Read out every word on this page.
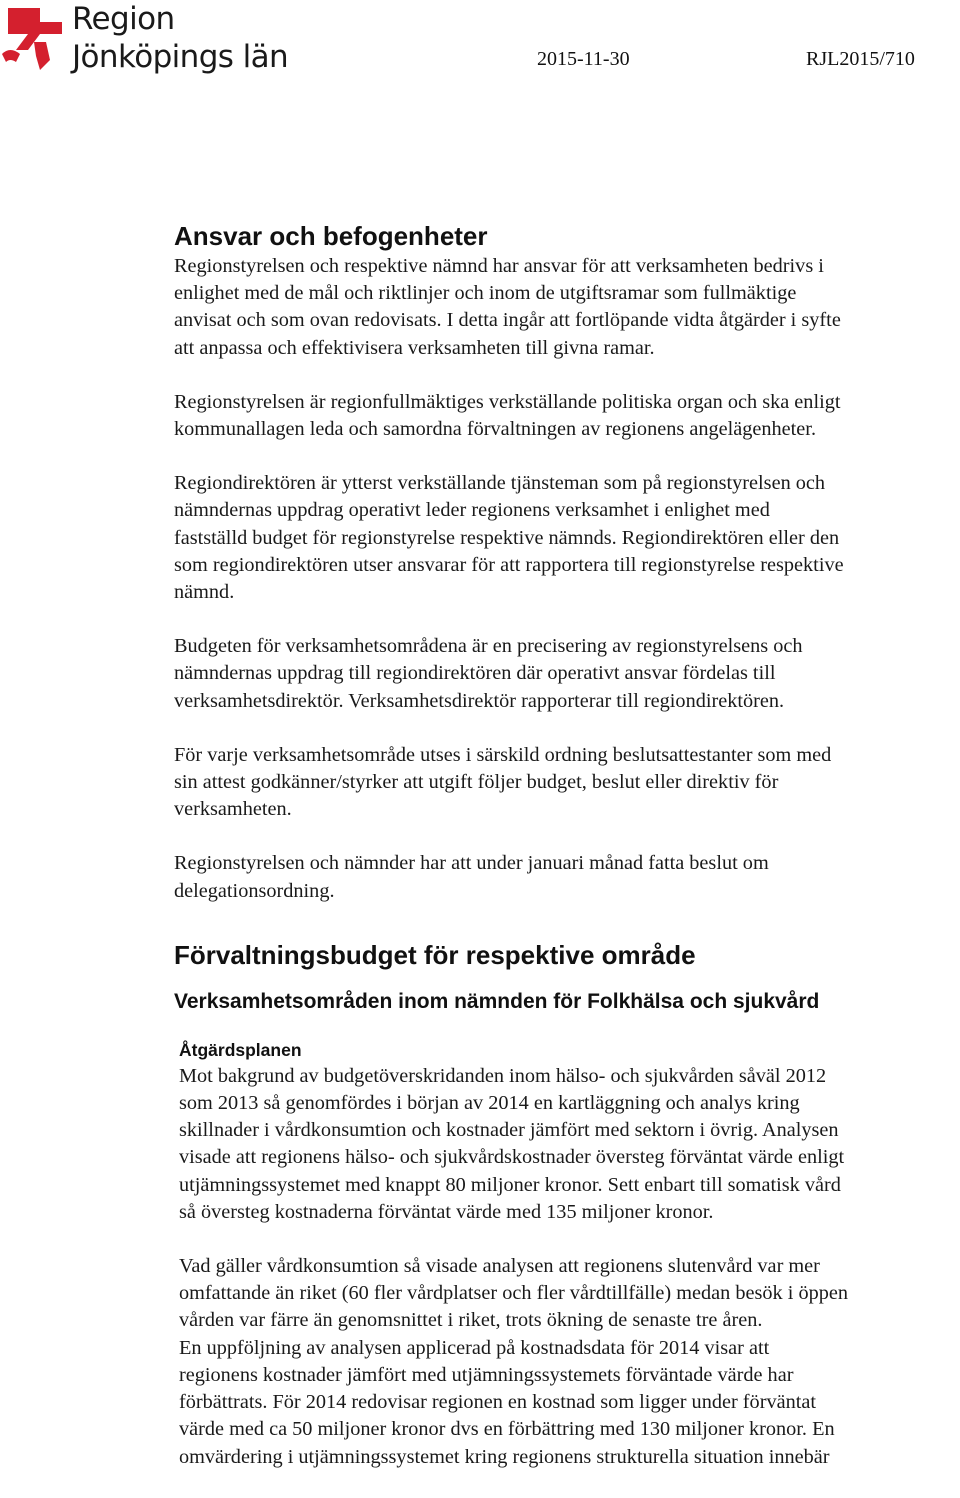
Region
Jönköpings län	2015-11-30	RJL2015/710
Ansvar och befogenheter

Regionstyrelsen och respektive nämnd har ansvar för att verksamheten bedrivs i
enlighet med de mål och riktlinjer och inom de utgiftsramar som fullmäktige
anvisat och som ovan redovisats. I detta ingår att fortlöpande vidta åtgärder i syfte
att anpassa och effektivisera verksamheten till givna ramar.

Regionstyrelsen är regionfullmäktiges verkställande politiska organ och ska enligt
kommunallagen leda och samordna förvaltningen av regionens angelägenheter.

Regiondirektören är ytterst verkställande tjänsteman som på regionstyrelsen och
nämndernas uppdrag operativt leder regionens verksamhet i enlighet med
fastställd budget för regionstyrelse respektive nämnds. Regiondirektören eller den
som regiondirektören utser ansvarar för att rapportera till regionstyrelse respektive
nämnd.

Budgeten för verksamhetsområdena är en precisering av regionstyrelsens och
nämndernas uppdrag till regiondirektören där operativt ansvar fördelas till
verksamhetsdirektör. Verksamhetsdirektör rapporterar till regiondirektören.

För varje verksamhetsområde utses i särskild ordning beslutsattestanter som med
sin attest godkänner/styrker att utgift följer budget, beslut eller direktiv för
verksamheten.

Regionstyrelsen och nämnder har att under januari månad fatta beslut om
delegationsordning.

Förvaltningsbudget för respektive område
Verksamhetsområden inom nämnden för Folkhälsa och sjukvård
Åtgärdsplanen

Mot bakgrund av budgetöverskridanden inom hälso- och sjukvården såväl 2012
som 2013 så genomfördes i början av 2014 en kartläggning och analys kring
skillnader i vårdkonsumtion och kostnader jämfört med sektorn i övrig. Analysen
visade att regionens hälso- och sjukvårdskostnader översteg förväntat värde enligt
utjämningssystemet med knappt 80 miljoner kronor. Sett enbart till somatisk vård
så översteg kostnaderna förväntat värde med 135 miljoner kronor.

Vad gäller vårdkonsumtion så visade analysen att regionens slutenvård var mer
omfattande än riket (60 fler vårdplatser och fler vårdtillfälle) medan besök i öppen
vården var färre än genomsnittet i riket, trots ökning de senaste tre åren.
En uppföljning av analysen applicerad på kostnadsdata för 2014 visar att
regionens kostnader jämfört med utjämningssystemets förväntade värde har
förbättrats. För 2014 redovisar regionen en kostnad som ligger under förväntat
värde med ca 50 miljoner kronor dvs en förbättring med 130 miljoner kronor. En
omvärdering i utjämningssystemet kring regionens strukturella situation innebär
